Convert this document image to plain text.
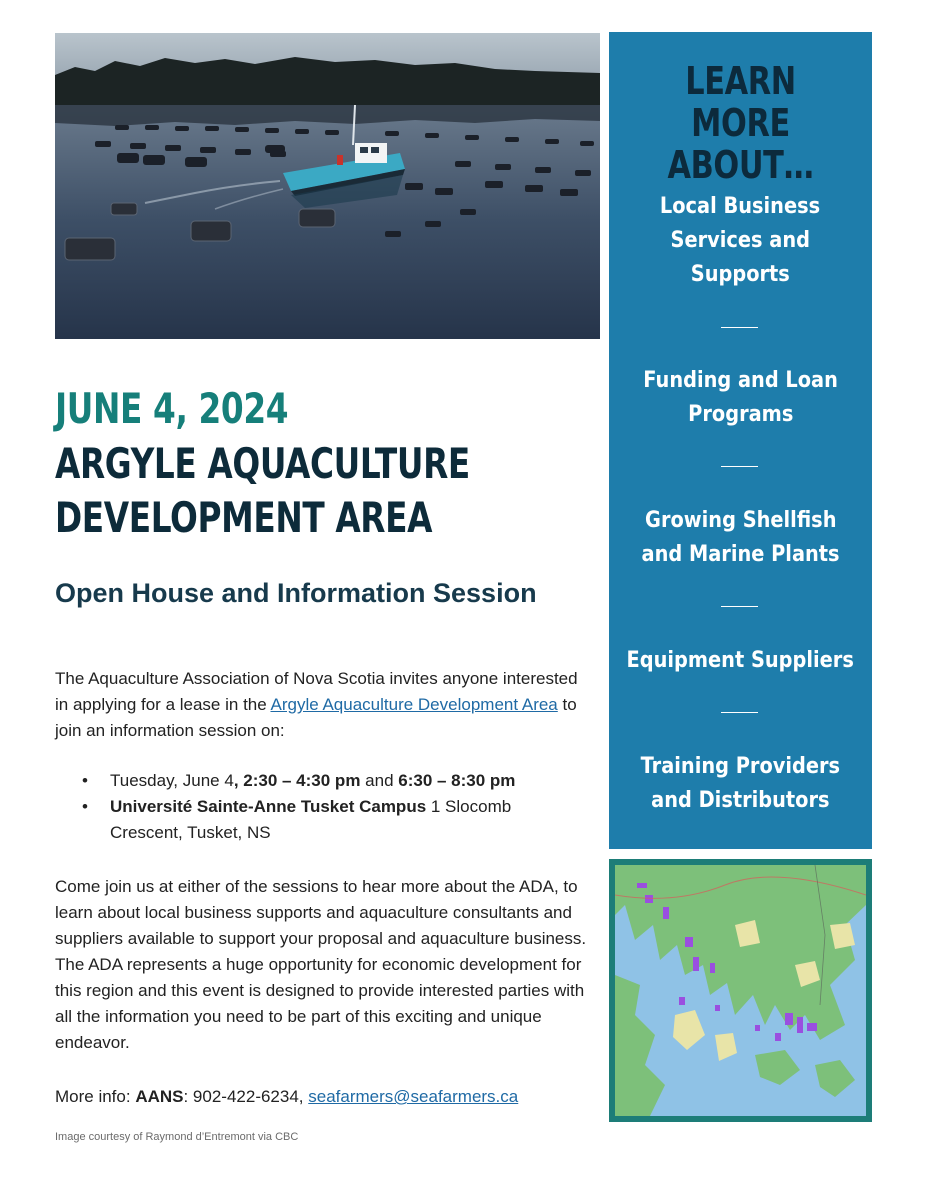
JUNE 4, 2024
ARGYLE AQUACULTURE
DEVELOPMENT AREA
Open House and Information Session

The Aquaculture Association of Nova Scotia invites anyone interested in applying for a lease in the Argyle Aquaculture Development Area to join an information session on:

• Tuesday, June 4, 2:30 – 4:30 pm and 6:30 – 8:30 pm
• Université Sainte-Anne Tusket Campus 1 Slocomb Crescent, Tusket, NS

Come join us at either of the sessions to hear more about the ADA, to learn about local business supports and aquaculture consultants and suppliers available to support your proposal and aquaculture business. The ADA represents a huge opportunity for economic development for this region and this event is designed to provide interested parties with all the information you need to be part of this exciting and unique endeavor.

More info: AANS: 902-422-6234, seafarmers@seafarmers.ca

Image courtesy of Raymond d’Entremont via CBC

LEARN MORE
ABOUT…
Local Business
Services and
Supports
Funding and Loan
Programs
Growing Shellfish
and Marine Plants
Equipment Suppliers
Training Providers
and Distributors
